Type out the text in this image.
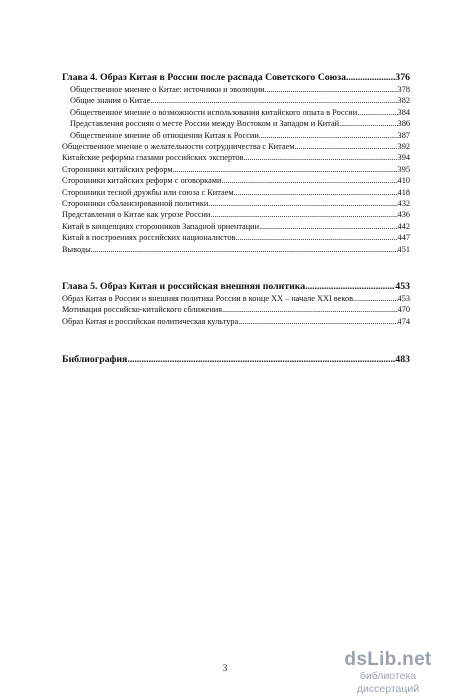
Глава 4. Образ Китая в России после распада Советского Союза .....	376
Общественное мнение о Китае: источники и эволюции .....	378
Общие знания о Китае .....	382
Общественное мнение о возможности использования китайского опыта в России .....	384
Представления россиян о месте России между Востоком и Западом и Китай .....	386
Общественное мнение об отношении Китая к России .....	387
Общественное мнение о желательности сотрудничества с Китаем .....	392
Китайские реформы глазами российских экспертов .....	394
Сторонники китайских реформ .....	395
Сторонники китайских реформ с оговорками .....	410
Сторонники тесной дружбы или союза с Китаем .....	418
Сторонники сбалансированной политики .....	432
Представления о Китае как угрозе России .....	436
Китай в концепциях сторонников Западной ориентации .....	442
Китай в построениях российских националистов .....	447
Выводы .....	451
Глава 5. Образ Китая и российская внешняя политика .....	453
Образ Китая в России и внешняя политика России в конце XX – начале XXI веков .....	453
Мотивация российско-китайского сближения .....	470
Образ Китая и российская политическая культура .....	474
Библиография .....	483
3	dsLib.net
библиотека диссертаций
